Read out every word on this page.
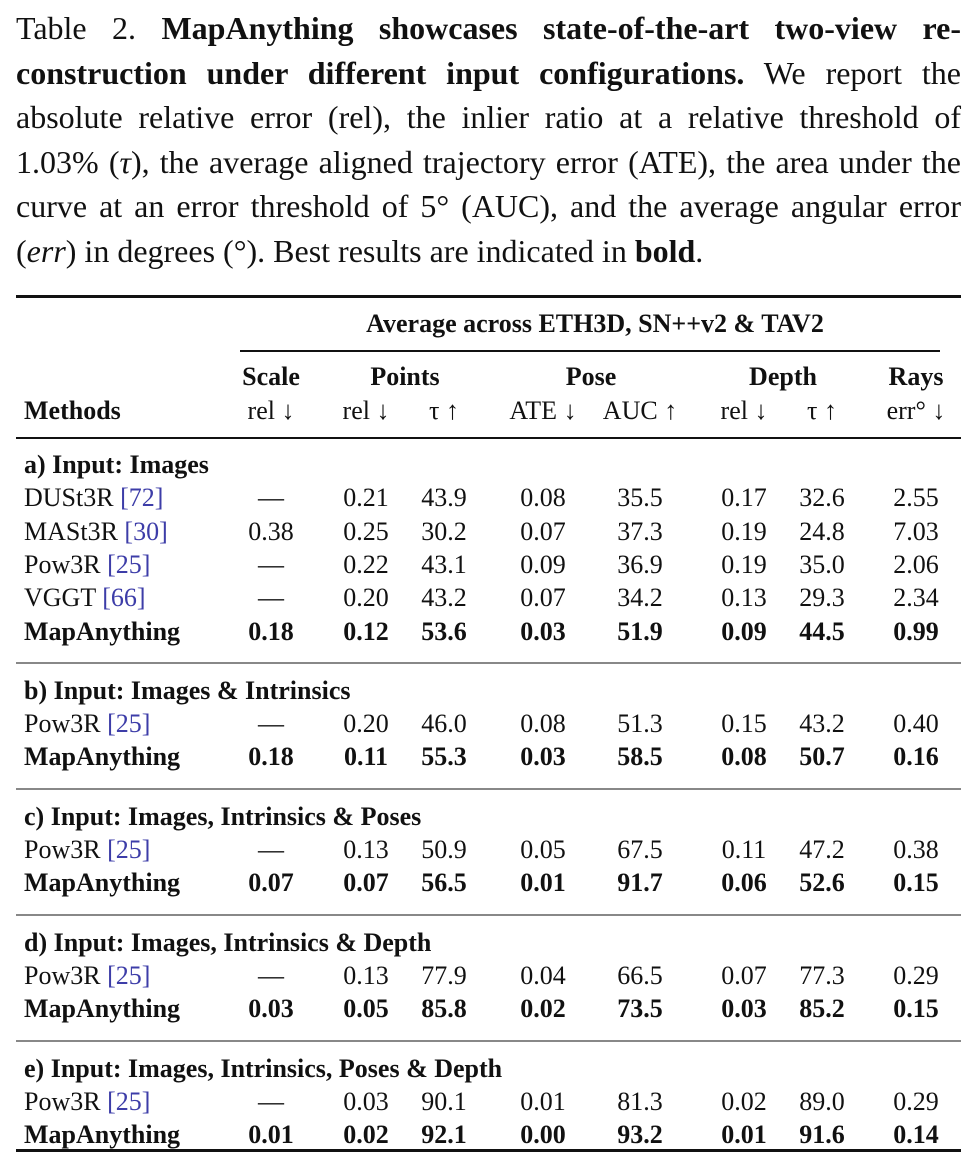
Table 2. MapAnything showcases state-of-the-art two-view re-construction under different input configurations. We report the absolute relative error (rel), the inlier ratio at a relative threshold of 1.03% (τ), the average aligned trajectory error (ATE), the area under the curve at an error threshold of 5° (AUC), and the average angular error (err) in degrees (°). Best results are indicated in bold.
Average across ETH3D, SN++v2 & TAV2
Scale	Points	Pose	Depth	Rays
Methods	rel ↓	rel ↓	τ ↑	ATE ↓	AUC ↑	rel ↓	τ ↑	err° ↓
a) Input: Images
DUSt3R [72]	—	0.21	43.9	0.08	35.5	0.17	32.6	2.55
MASt3R [30]	0.38	0.25	30.2	0.07	37.3	0.19	24.8	7.03
Pow3R [25]	—	0.22	43.1	0.09	36.9	0.19	35.0	2.06
VGGT [66]	—	0.20	43.2	0.07	34.2	0.13	29.3	2.34
MapAnything	0.18	0.12	53.6	0.03	51.9	0.09	44.5	0.99
b) Input: Images & Intrinsics
Pow3R [25]	—	0.20	46.0	0.08	51.3	0.15	43.2	0.40
MapAnything	0.18	0.11	55.3	0.03	58.5	0.08	50.7	0.16
c) Input: Images, Intrinsics & Poses
Pow3R [25]	—	0.13	50.9	0.05	67.5	0.11	47.2	0.38
MapAnything	0.07	0.07	56.5	0.01	91.7	0.06	52.6	0.15
d) Input: Images, Intrinsics & Depth
Pow3R [25]	—	0.13	77.9	0.04	66.5	0.07	77.3	0.29
MapAnything	0.03	0.05	85.8	0.02	73.5	0.03	85.2	0.15
e) Input: Images, Intrinsics, Poses & Depth
Pow3R [25]	—	0.03	90.1	0.01	81.3	0.02	89.0	0.29
MapAnything	0.01	0.02	92.1	0.00	93.2	0.01	91.6	0.14
